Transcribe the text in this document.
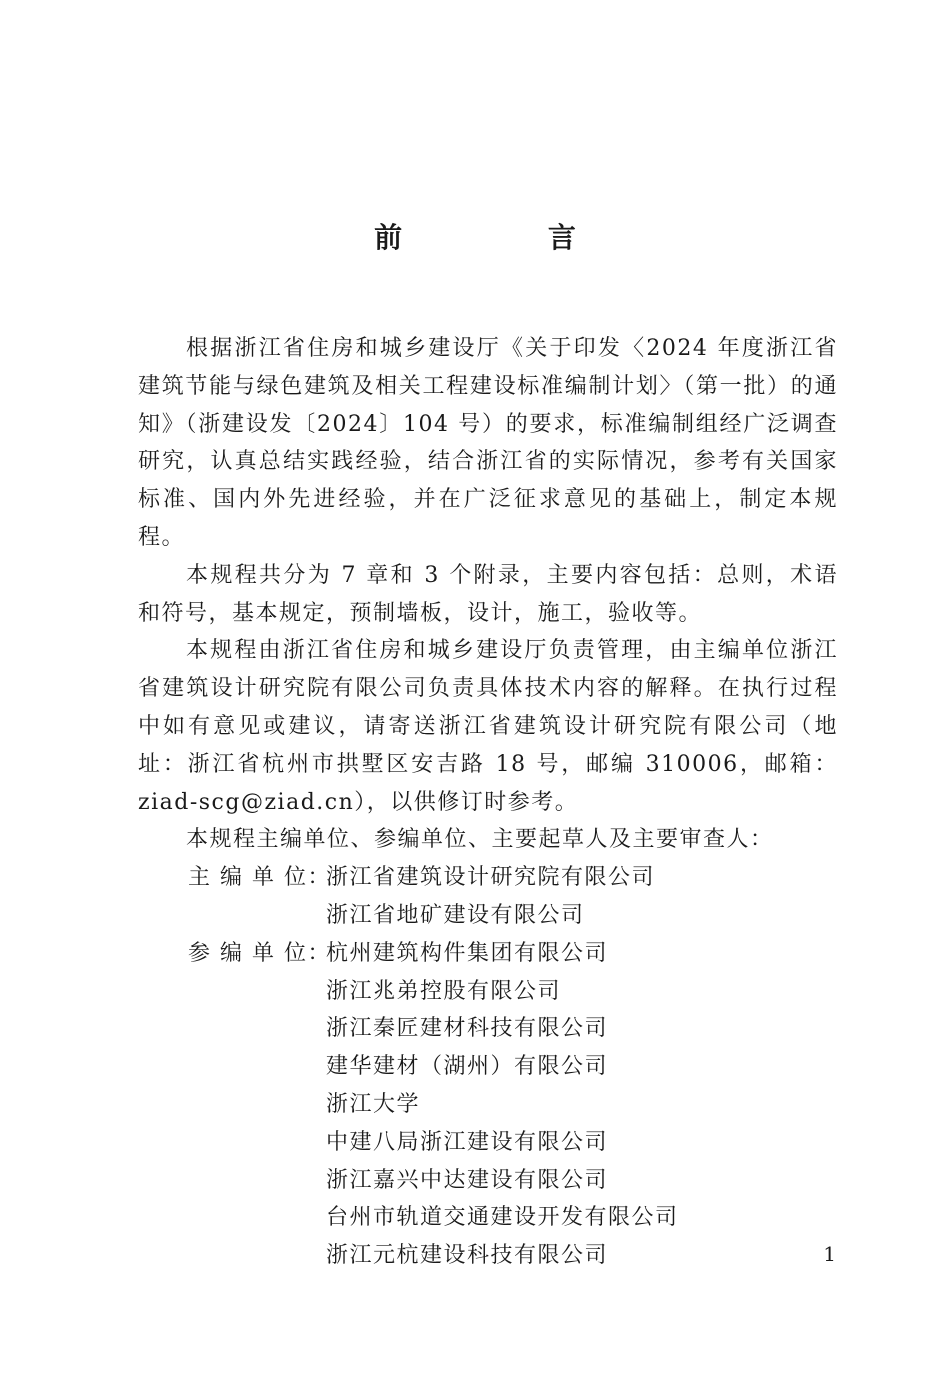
前 言

根据浙江省住房和城乡建设厅《关于印发〈2024 年度浙江省建筑节能与绿色建筑及相关工程建设标准编制计划〉（第一批）的通知》（浙建设发〔2024〕104 号）的要求，标准编制组经广泛调查研究，认真总结实践经验，结合浙江省的实际情况，参考有关国家标准、国内外先进经验，并在广泛征求意见的基础上，制定本规程。

本规程共分为 7 章和 3 个附录，主要内容包括：总则，术语和符号，基本规定，预制墙板，设计，施工，验收等。

本规程由浙江省住房和城乡建设厅负责管理，由主编单位浙江省建筑设计研究院有限公司负责具体技术内容的解释。在执行过程中如有意见或建议，请寄送浙江省建筑设计研究院有限公司（地址：浙江省杭州市拱墅区安吉路 18 号，邮编 310006，邮箱：ziad-scg@ziad.cn），以供修订时参考。

本规程主编单位、参编单位、主要起草人及主要审查人：

主 编 单 位：
浙江省建筑设计研究院有限公司
浙江省地矿建设有限公司
参 编 单 位：
杭州建筑构件集团有限公司
浙江兆弟控股有限公司
浙江秦匠建材科技有限公司
建华建材（湖州）有限公司
浙江大学
中建八局浙江建设有限公司
浙江嘉兴中达建设有限公司
台州市轨道交通建设开发有限公司
浙江元杭建设科技有限公司	1
